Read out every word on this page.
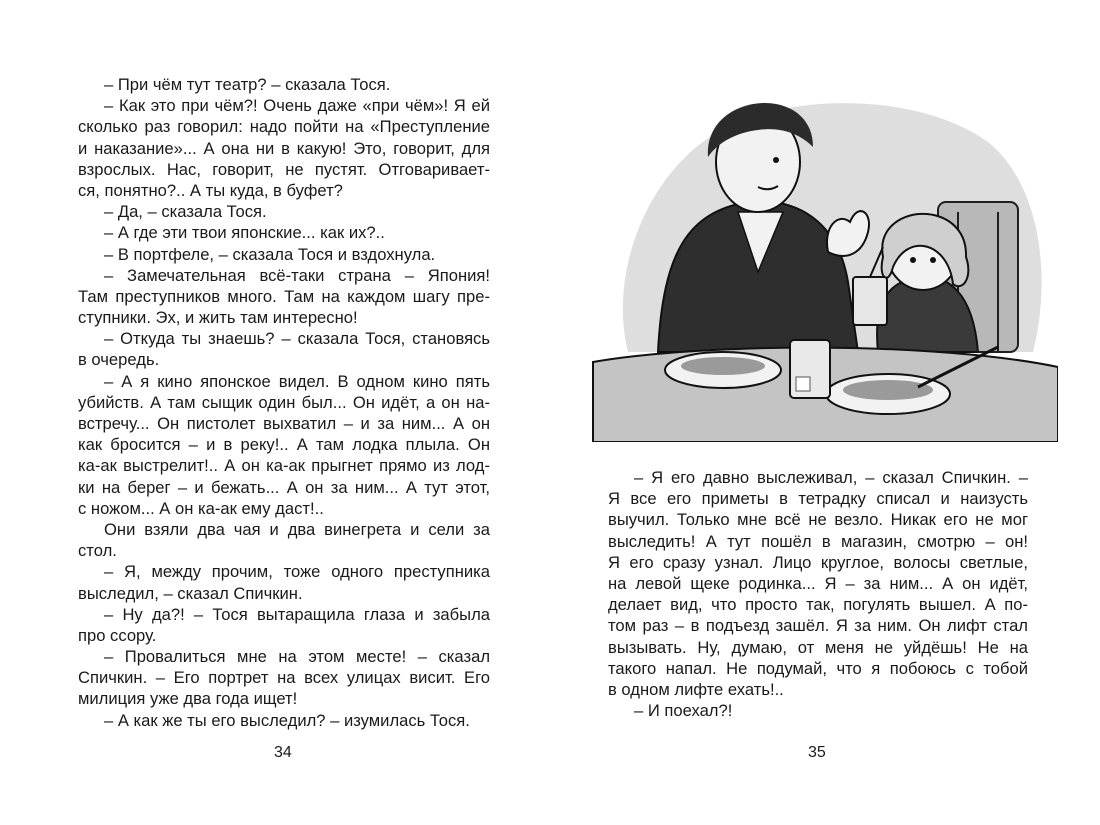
– При чём тут театр? – сказала Тося.
– Как это при чём?! Очень даже «при чём»! Я ей
сколько раз говорил: надо пойти на «Преступление
и наказание»... А она ни в какую! Это, говорит, для
взрослых. Нас, говорит, не пустят. Отговаривает-
ся, понятно?.. А ты куда, в буфет?
– Да, – сказала Тося.
– А где эти твои японские... как их?..
– В портфеле, – сказала Тося и вздохнула.
– Замечательная всё-таки страна – Япония!
Там преступников много. Там на каждом шагу пре-
ступники. Эх, и жить там интересно!
– Откуда ты знаешь? – сказала Тося, становясь
в очередь.
– А я кино японское видел. В одном кино пять
убийств. А там сыщик один был... Он идёт, а он на-
встречу... Он пистолет выхватил – и за ним... А он
как бросится – и в реку!.. А там лодка плыла. Он
ка-ак выстрелит!.. А он ка-ак прыгнет прямо из лод-
ки на берег – и бежать... А он за ним... А тут этот,
с ножом... А он ка-ак ему даст!..
Они взяли два чая и два винегрета и сели за
стол.
– Я, между прочим, тоже одного преступника
выследил, – сказал Спичкин.
– Ну да?! – Тося вытаращила глаза и забыла
про ссору.
– Провалиться мне на этом месте! – сказал
Спичкин. – Его портрет на всех улицах висит. Его
милиция уже два года ищет!
– А как же ты его выследил? – изумилась Тося.
34
– Я его давно выслеживал, – сказал Спичкин. –
Я все его приметы в тетрадку списал и наизусть
выучил. Только мне всё не везло. Никак его не мог
выследить! А тут пошёл в магазин, смотрю – он!
Я его сразу узнал. Лицо круглое, волосы светлые,
на левой щеке родинка... Я – за ним... А он идёт,
делает вид, что просто так, погулять вышел. А по-
том раз – в подъезд зашёл. Я за ним. Он лифт стал
вызывать. Ну, думаю, от меня не уйдёшь! Не на
такого напал. Не подумай, что я побоюсь с тобой
в одном лифте ехать!..
– И поехал?!
35
